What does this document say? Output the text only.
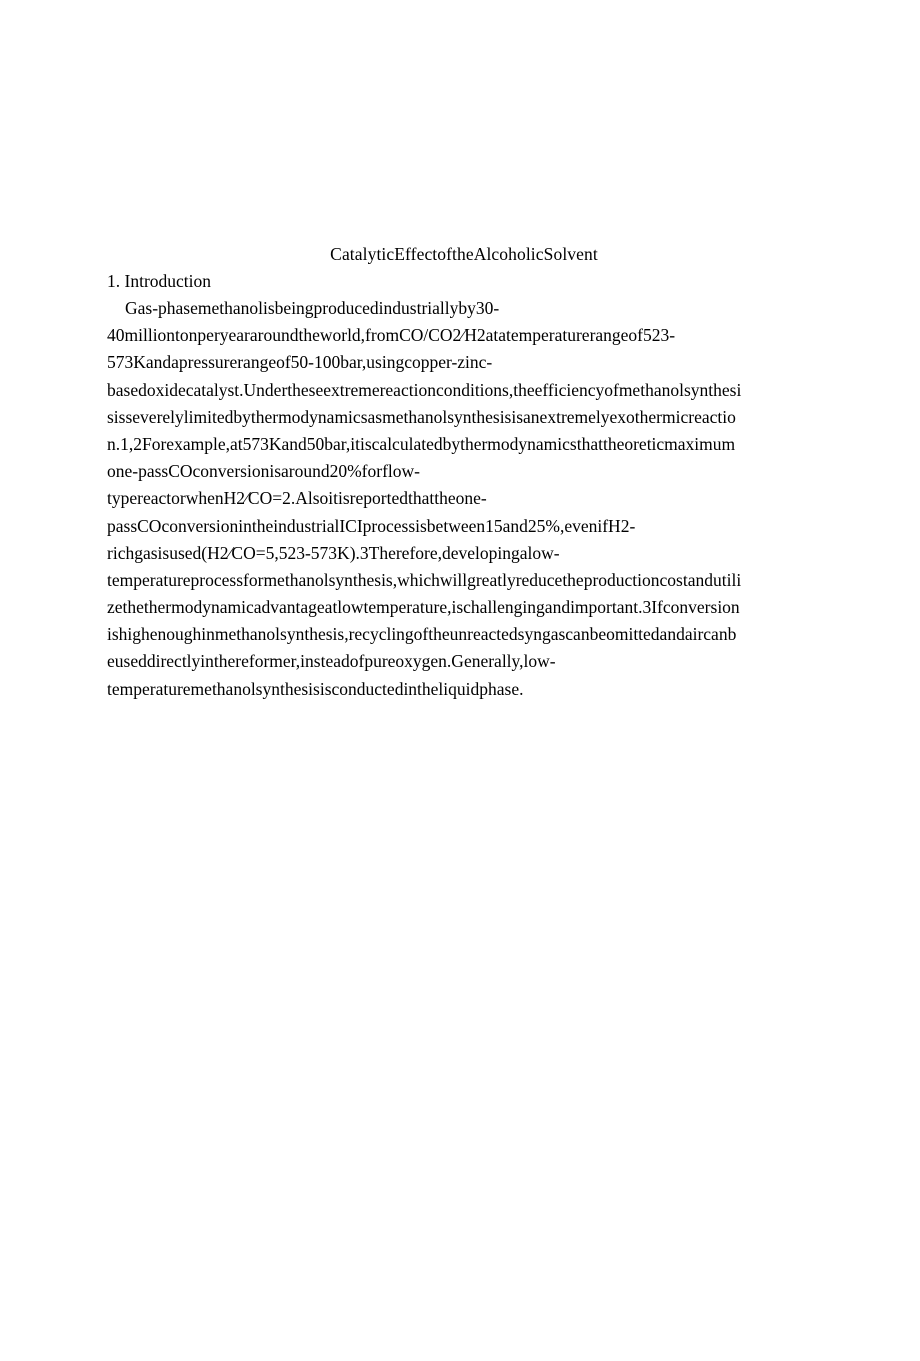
CatalyticEffectoftheAlcoholicSolvent
1. Introduction
Gas-phasemethanolisbeingproducedindustriallyby30-
40milliontonperyeararoundtheworld,fromCO/CO2⁄H2atatemperaturerangeof523-
573Kandapressurerangeof50-100bar,usingcopper-zinc-
basedoxidecatalyst.Undertheseextremereactionconditions,theefficiencyofmethanolsynthesi
sisseverelylimitedbythermodynamicsasmethanolsynthesisisanextremelyexothermicreactio
n.1,2Forexample,at573Kand50bar,itiscalculatedbythermodynamicsthattheoreticmaximum
one-passCOconversionisaround20%forflow-
typereactorwhenH2⁄CO=2.Alsoitisreportedthattheone-
passCOconversionintheindustrialICIprocessisbetween15and25%,evenifH2-
richgasisused(H2⁄CO=5,523-573K).3Therefore,developingalow-
temperatureprocessformethanolsynthesis,whichwillgreatlyreducetheproductioncostandutili
zethethermodynamicadvantageatlowtemperature,ischallengingandimportant.3Ifconversion
ishighenoughinmethanolsynthesis,recyclingoftheunreactedsyngascanbeomittedandaircanb
euseddirectlyinthereformer,insteadofpureoxygen.Generally,low-
temperaturemethanolsynthesisisconductedintheliquidphase.
